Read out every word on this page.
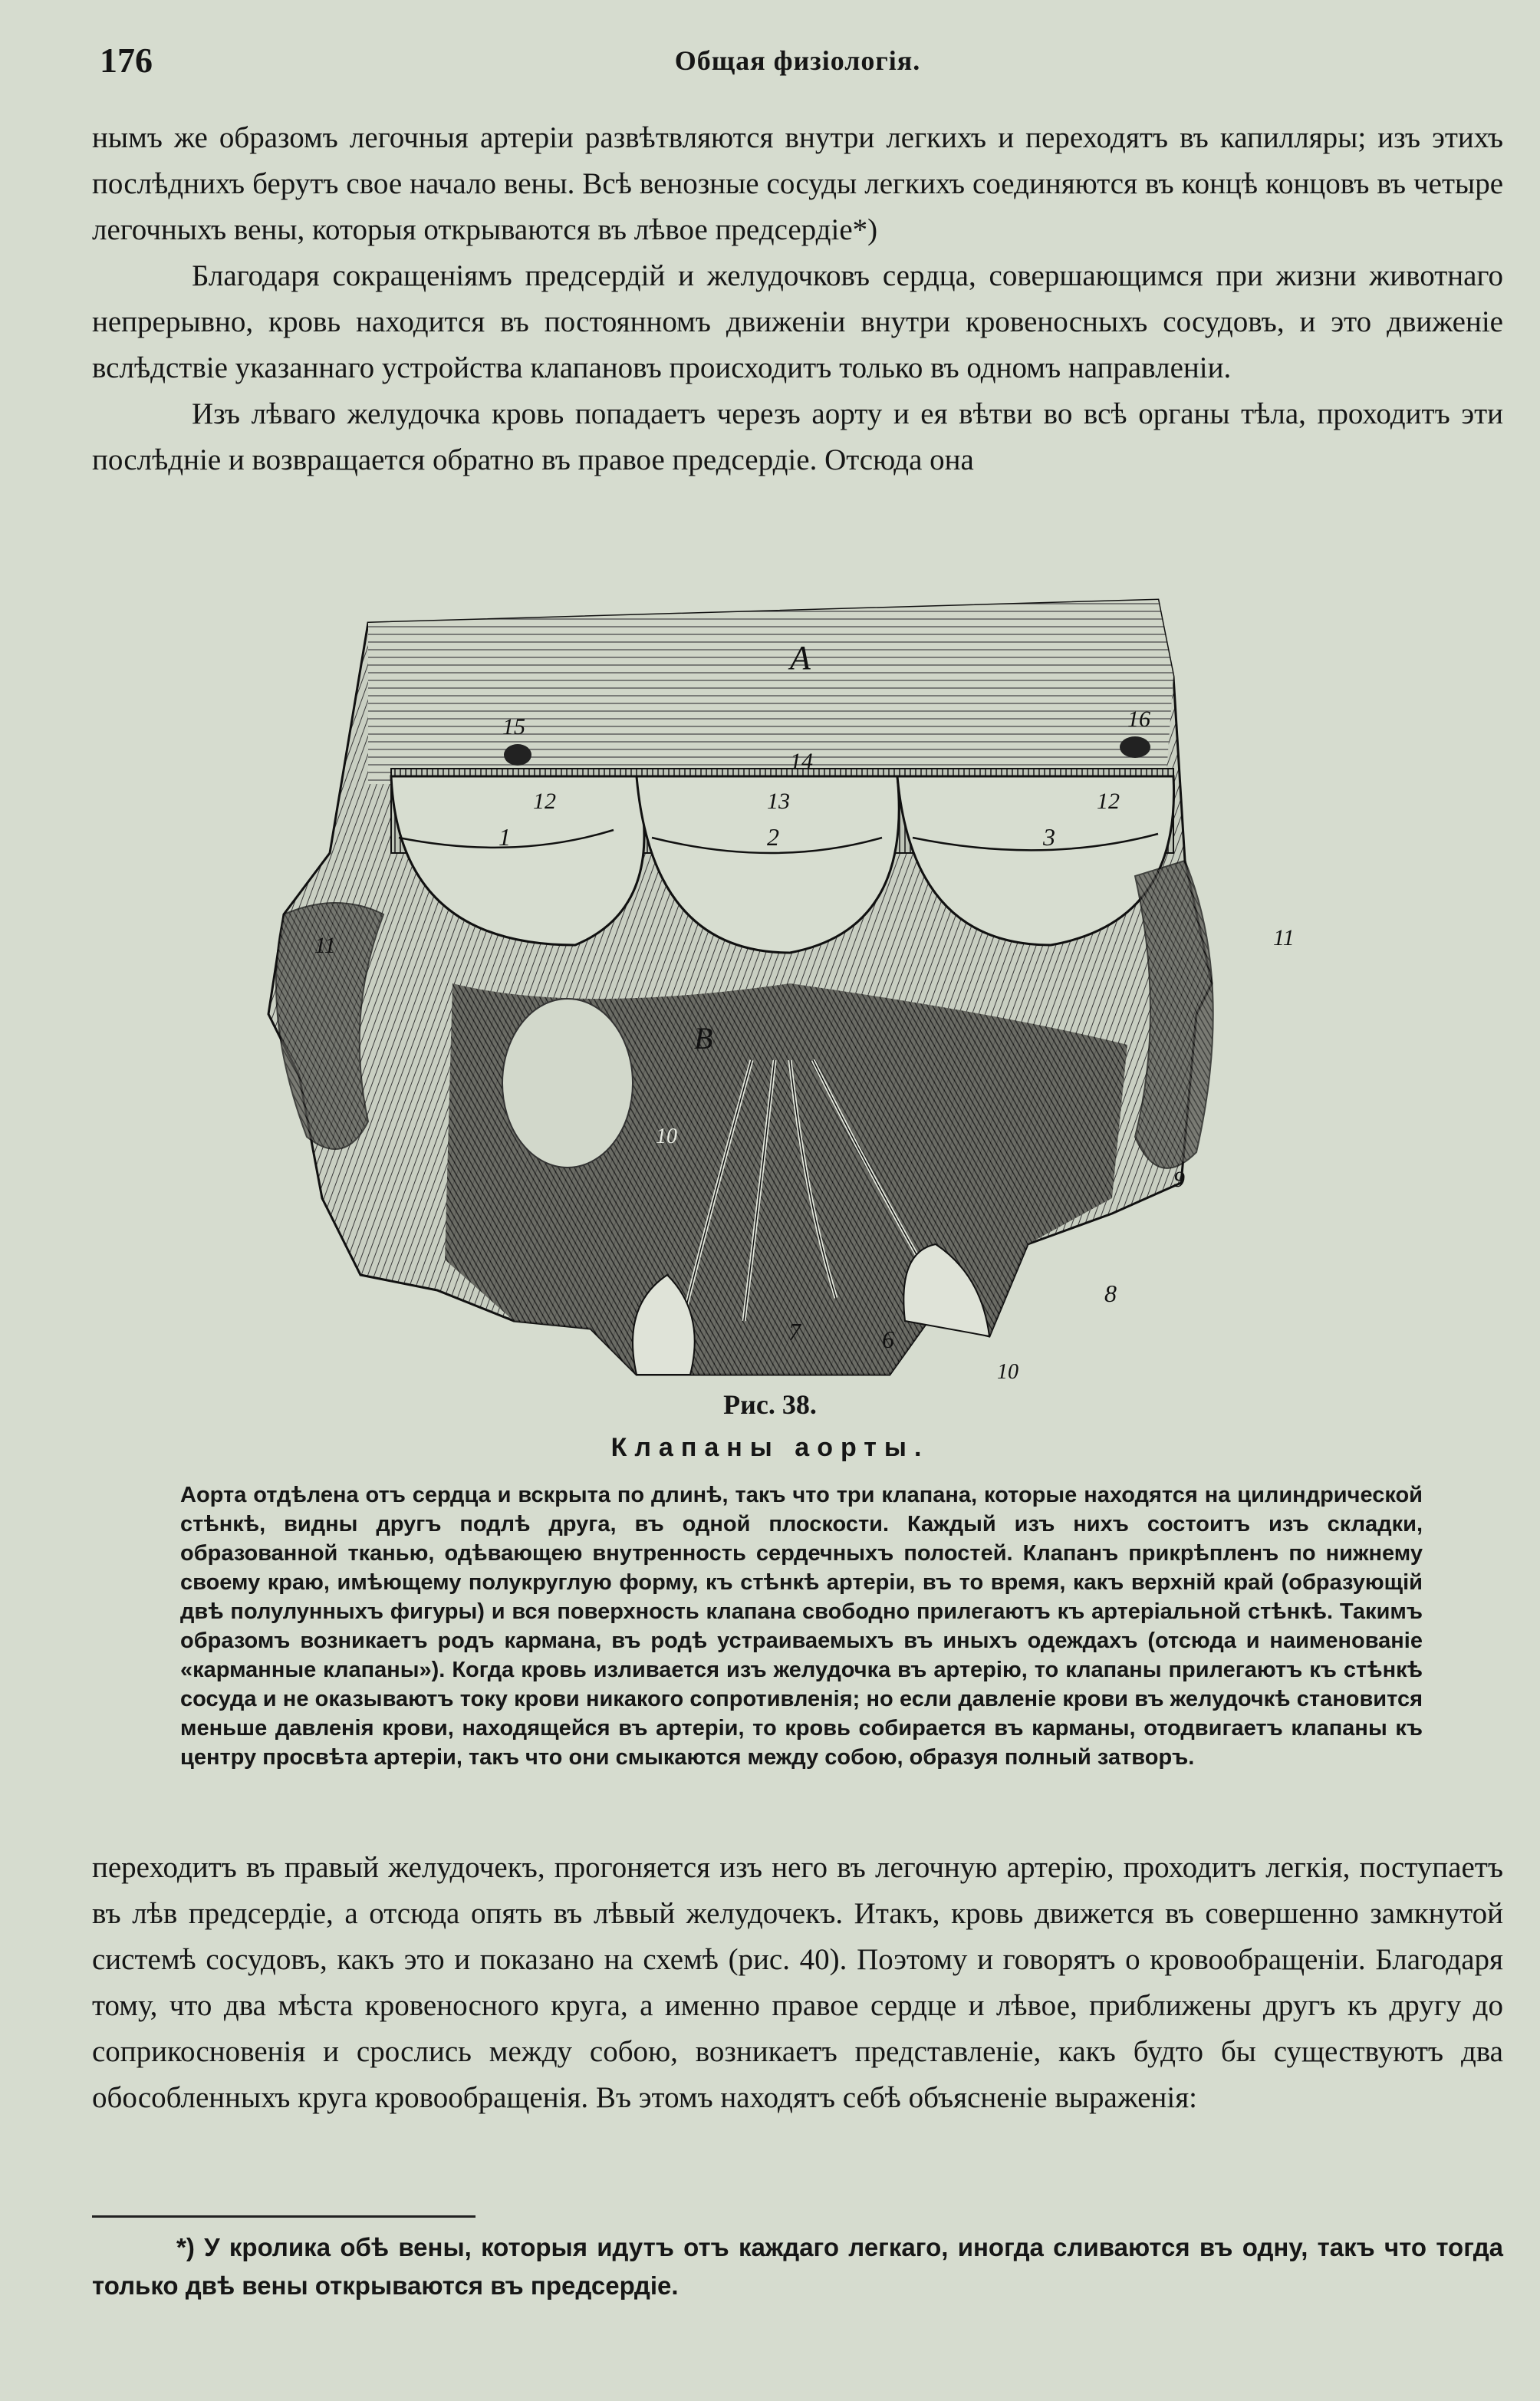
176	Общая физiологiя.

нымъ же образомъ легочныя артерiи развѣтвляются внутри легкихъ и переходятъ въ капилляры; изъ этихъ послѣднихъ берутъ свое начало вены. Всѣ венозные сосуды легкихъ соединяются въ концѣ концовъ въ четыре легочныхъ вены, которыя открываются въ лѣвое предсердiе*)

Благодаря сокращенiямъ предсердiй и желудочковъ сердца, совершающимся при жизни животнаго непрерывно, кровь находится въ постоянномъ движенiи внутри кровеносныхъ сосудовъ, и это движенiе вслѣдствiе указаннаго устройства клапановъ происходитъ только въ одномъ направленiи.

Изъ лѣваго желудочка кровь попадаетъ черезъ аорту и ея вѣтви во всѣ органы тѣла, проходитъ эти послѣднiе и возвращается обратно въ правое предсердiе. Отсюда она

A
15
14
16
12	13	12
1	2	3
11	11
B
10
9
8
7	6
10
Рис. 38.
Клапаны аорты.

Аорта отдѣлена отъ сердца и вскрыта по длинѣ, такъ что три клапана, которые находятся на цилиндрической стѣнкѣ, видны другъ подлѣ друга, въ одной плоскости. Каждый изъ нихъ состоитъ изъ складки, образованной тканью, одѣвающею внутренность сердечныхъ полостей. Клапанъ прикрѣпленъ по нижнему своему краю, имѣющему полукруглую форму, къ стѣнкѣ артерiи, въ то время, какъ верхнiй край (образующiй двѣ полулунныхъ фигуры) и вся поверхность клапана свободно прилегаютъ къ артерiальной стѣнкѣ. Такимъ образомъ возникаетъ родъ кармана, въ родѣ устраиваемыхъ въ иныхъ одеждахъ (отсюда и наименованiе «карманные клапаны»). Когда кровь изливается изъ желудочка въ артерiю, то клапаны прилегаютъ къ стѣнкѣ сосуда и не оказываютъ току крови никакого сопротивленiя; но если давленiе крови въ желудочкѣ становится меньше давленiя крови, находящейся въ артерiи, то кровь собирается въ карманы, отодвигаетъ клапаны къ центру просвѣта артерiи, такъ что они смыкаются между собою, образуя полный затворъ.

переходитъ въ правый желудочекъ, прогоняется изъ него въ легочную артерiю, проходитъ легкiя, поступаетъ въ лѣв предсердiе, а отсюда опять въ лѣвый желудочекъ. Итакъ, кровь движется въ совершенно замкнутой системѣ сосудовъ, какъ это и показано на схемѣ (рис. 40). Поэтому и говорятъ о кровообращенiи. Благодаря тому, что два мѣста кровеносного круга, а именно правое сердце и лѣвое, приближены другъ къ другу до соприкосновенiя и срослись между собою, возникаетъ представленiе, какъ будто бы существуютъ два обособленныхъ круга кровообращенiя. Въ этомъ находятъ себѣ объясненiе выраженiя:

*) У кролика обѣ вены, которыя идутъ отъ каждаго легкаго, иногда сливаются въ одну, такъ что тогда только двѣ вены открываются въ предсердiе.
